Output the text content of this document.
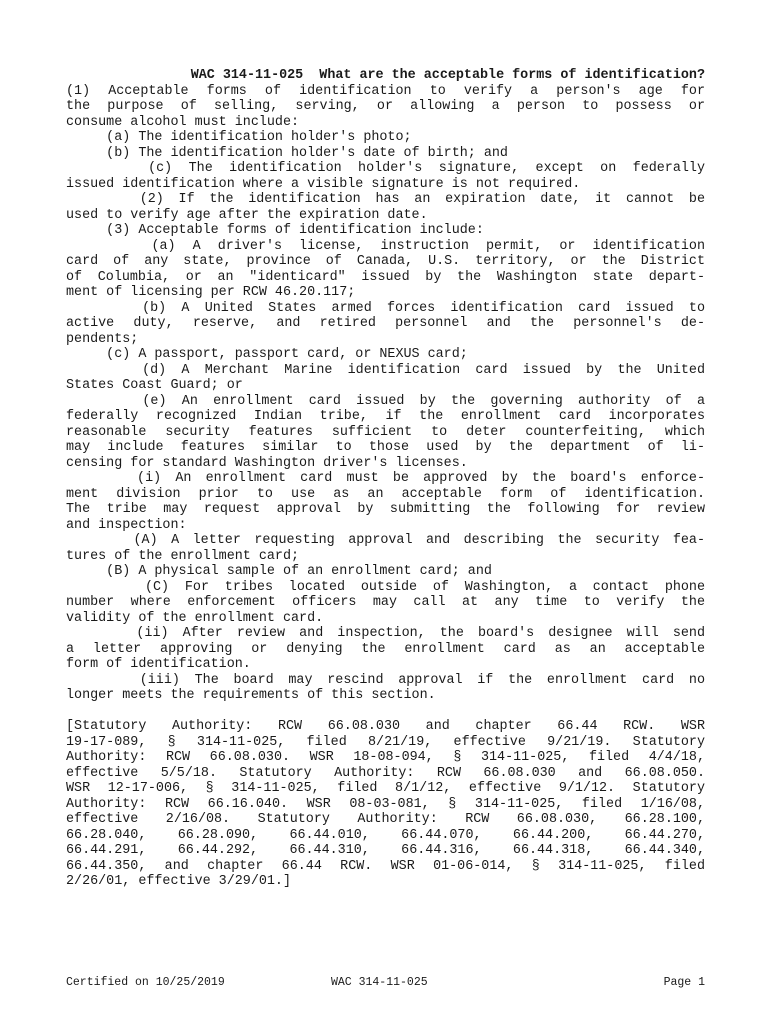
WAC 314-11-025  What are the acceptable forms of identification?
(1) Acceptable forms of identification to verify a person's age for
the purpose of selling, serving, or allowing a person to possess or
consume alcohol must include:
(a) The identification holder's photo;
(b) The identification holder's date of birth; and
(c) The identification holder's signature, except on federally
issued identification where a visible signature is not required.
(2) If the identification has an expiration date, it cannot be
used to verify age after the expiration date.
(3) Acceptable forms of identification include:
(a) A driver's license, instruction permit, or identification
card of any state, province of Canada, U.S. territory, or the District
of Columbia, or an "identicard" issued by the Washington state depart-
ment of licensing per RCW 46.20.117;
(b) A United States armed forces identification card issued to
active duty, reserve, and retired personnel and the personnel's de-
pendents;
(c) A passport, passport card, or NEXUS card;
(d) A Merchant Marine identification card issued by the United
States Coast Guard; or
(e) An enrollment card issued by the governing authority of a
federally recognized Indian tribe, if the enrollment card incorporates
reasonable security features sufficient to deter counterfeiting, which
may include features similar to those used by the department of li-
censing for standard Washington driver's licenses.
(i) An enrollment card must be approved by the board's enforce-
ment division prior to use as an acceptable form of identification.
The tribe may request approval by submitting the following for review
and inspection:
(A) A letter requesting approval and describing the security fea-
tures of the enrollment card;
(B) A physical sample of an enrollment card; and
(C) For tribes located outside of Washington, a contact phone
number where enforcement officers may call at any time to verify the
validity of the enrollment card.
(ii) After review and inspection, the board's designee will send
a letter approving or denying the enrollment card as an acceptable
form of identification.
(iii) The board may rescind approval if the enrollment card no
longer meets the requirements of this section.
[Statutory Authority: RCW 66.08.030 and chapter 66.44 RCW. WSR
19-17-089, § 314-11-025, filed 8/21/19, effective 9/21/19. Statutory
Authority: RCW 66.08.030. WSR 18-08-094, § 314-11-025, filed 4/4/18,
effective 5/5/18. Statutory Authority: RCW 66.08.030 and 66.08.050.
WSR 12-17-006, § 314-11-025, filed 8/1/12, effective 9/1/12. Statutory
Authority: RCW 66.16.040. WSR 08-03-081, § 314-11-025, filed 1/16/08,
effective 2/16/08. Statutory Authority: RCW 66.08.030, 66.28.100,
66.28.040, 66.28.090, 66.44.010, 66.44.070, 66.44.200, 66.44.270,
66.44.291, 66.44.292, 66.44.310, 66.44.316, 66.44.318, 66.44.340,
66.44.350, and chapter 66.44 RCW. WSR 01-06-014, § 314-11-025, filed
2/26/01, effective 3/29/01.]
Certified on 10/25/2019	WAC 314-11-025	Page 1
